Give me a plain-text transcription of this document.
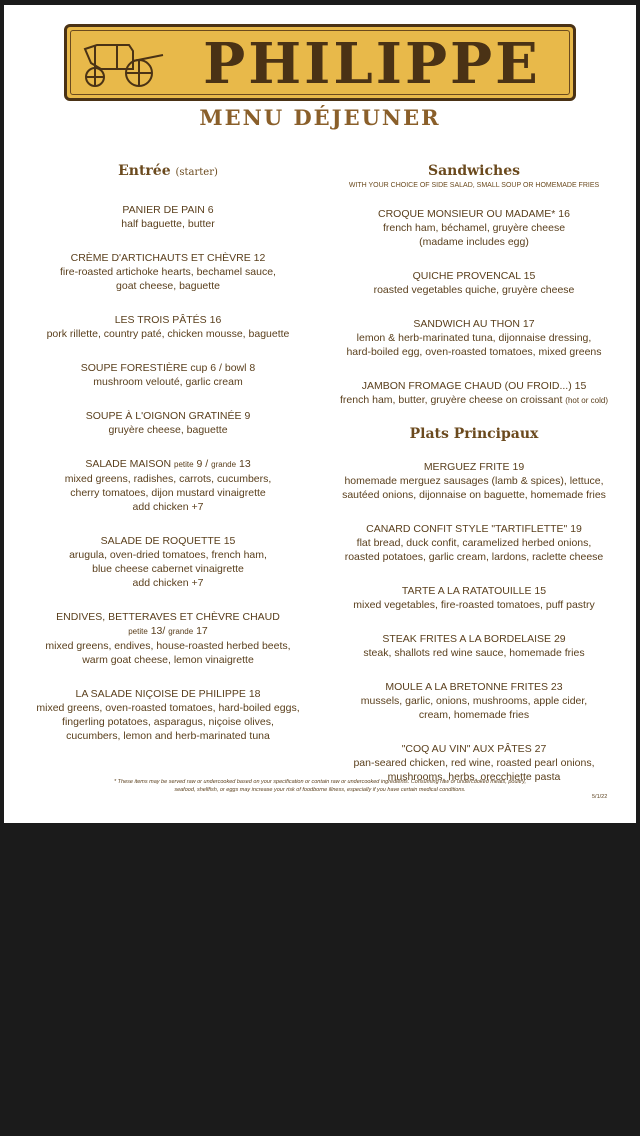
PHILIPPE
MENU DÉJEUNER
Entrée (starter)
PANIER DE PAIN 6
half baguette, butter
CRÈME D'ARTICHAUTS ET CHÈVRE 12
fire-roasted artichoke hearts, bechamel sauce,
goat cheese, baguette
LES TROIS PÂTÉS 16
pork rillette, country paté, chicken mousse, baguette
SOUPE FORESTIÈRE cup 6 / bowl 8
mushroom velouté, garlic cream
SOUPE À L'OIGNON GRATINÉE 9
gruyère cheese, baguette
SALADE MAISON petite 9 / grande 13
mixed greens, radishes, carrots, cucumbers,
cherry tomatoes, dijon mustard vinaigrette
add chicken +7
SALADE DE ROQUETTE 15
arugula, oven-dried tomatoes, french ham,
blue cheese cabernet vinaigrette
add chicken +7
ENDIVES, BETTERAVES ET CHÈVRE CHAUD
petite 13/ grande 17
mixed greens, endives, house-roasted herbed beets,
warm goat cheese, lemon vinaigrette
LA SALADE NIÇOISE DE PHILIPPE 18
mixed greens, oven-roasted tomatoes, hard-boiled eggs,
fingerling potatoes, asparagus, niçoise olives,
cucumbers, lemon and herb-marinated tuna
Sandwiches
WITH YOUR CHOICE OF SIDE SALAD, SMALL SOUP OR HOMEMADE FRIES
CROQUE MONSIEUR OU MADAME* 16
french ham, béchamel, gruyère cheese
(madame includes egg)
QUICHE PROVENCAL 15
roasted vegetables quiche, gruyère cheese
SANDWICH AU THON 17
lemon & herb-marinated tuna, dijonnaise dressing,
hard-boiled egg, oven-roasted tomatoes, mixed greens
JAMBON FROMAGE CHAUD (OU FROID...) 15
french ham, butter, gruyère cheese on croissant (hot or cold)
Plats Principaux
MERGUEZ FRITE 19
homemade merguez sausages (lamb & spices), lettuce,
sautéed onions, dijonnaise on baguette, homemade fries
CANARD CONFIT STYLE "TARTIFLETTE" 19
flat bread, duck confit, caramelized herbed onions,
roasted potatoes, garlic cream, lardons, raclette cheese
TARTE A LA RATATOUILLE 15
mixed vegetables, fire-roasted tomatoes, puff pastry
STEAK FRITES A LA BORDELAISE 29
steak, shallots red wine sauce, homemade fries
MOULE A LA BRETONNE FRITES 23
mussels, garlic, onions, mushrooms, apple cider,
cream, homemade fries
"COQ AU VIN" AUX PÂTES 27
pan-seared chicken, red wine, roasted pearl onions,
mushrooms, herbs, orecchiette pasta
* These items may be served raw or undercooked based on your specification or contain raw or undercooked ingredients. Consuming raw or undercooked meats, poultry, seafood, shellfish, or eggs may increase your risk of foodborne illness, especially if you have certain medical conditions.
5/1/22
